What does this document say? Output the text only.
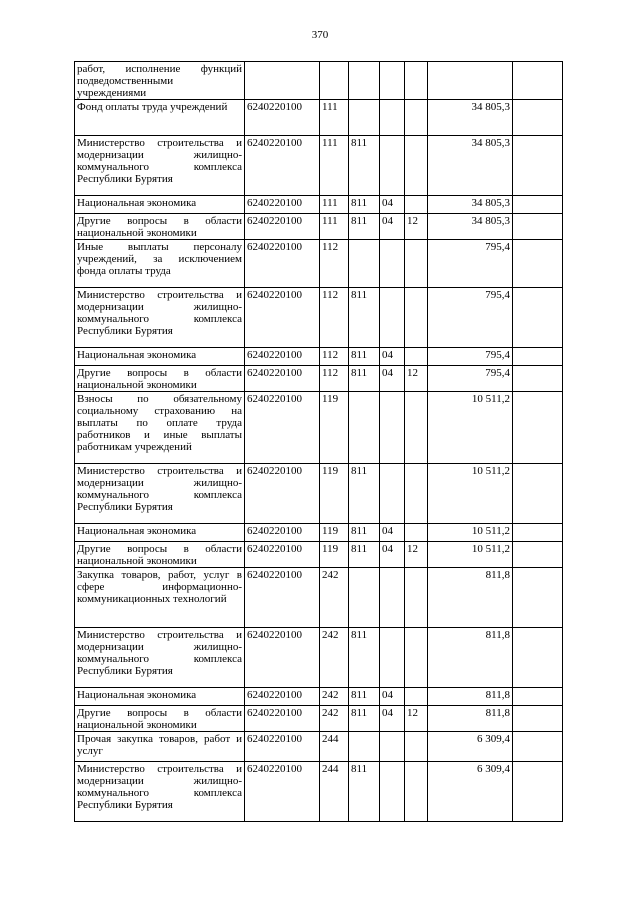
370
работ, исполнение функций подведомственными учреждениями							
Фонд оплаты труда учреждений	6240220100	111				34 805,3	
Министерство строительства и модернизации жилищно-коммунального комплекса Республики Бурятия	6240220100	111	811			34 805,3	
Национальная экономика	6240220100	111	811	04		34 805,3	
Другие вопросы в области национальной экономики	6240220100	111	811	04	12	34 805,3	
Иные выплаты персоналу учреждений, за исключением фонда оплаты труда	6240220100	112				795,4	
Министерство строительства и модернизации жилищно-коммунального комплекса Республики Бурятия	6240220100	112	811			795,4	
Национальная экономика	6240220100	112	811	04		795,4	
Другие вопросы в области национальной экономики	6240220100	112	811	04	12	795,4	
Взносы по обязательному социальному страхованию на выплаты по оплате труда работников и иные выплаты работникам учреждений	6240220100	119				10 511,2	
Министерство строительства и модернизации жилищно-коммунального комплекса Республики Бурятия	6240220100	119	811			10 511,2	
Национальная экономика	6240220100	119	811	04		10 511,2	
Другие вопросы в области национальной экономики	6240220100	119	811	04	12	10 511,2	
Закупка товаров, работ, услуг в сфере информационно-коммуникационных технологий	6240220100	242				811,8	
Министерство строительства и модернизации жилищно-коммунального комплекса Республики Бурятия	6240220100	242	811			811,8	
Национальная экономика	6240220100	242	811	04		811,8	
Другие вопросы в области национальной экономики	6240220100	242	811	04	12	811,8	
Прочая закупка товаров, работ и услуг	6240220100	244				6 309,4	
Министерство строительства и модернизации жилищно-коммунального комплекса Республики Бурятия	6240220100	244	811			6 309,4	
